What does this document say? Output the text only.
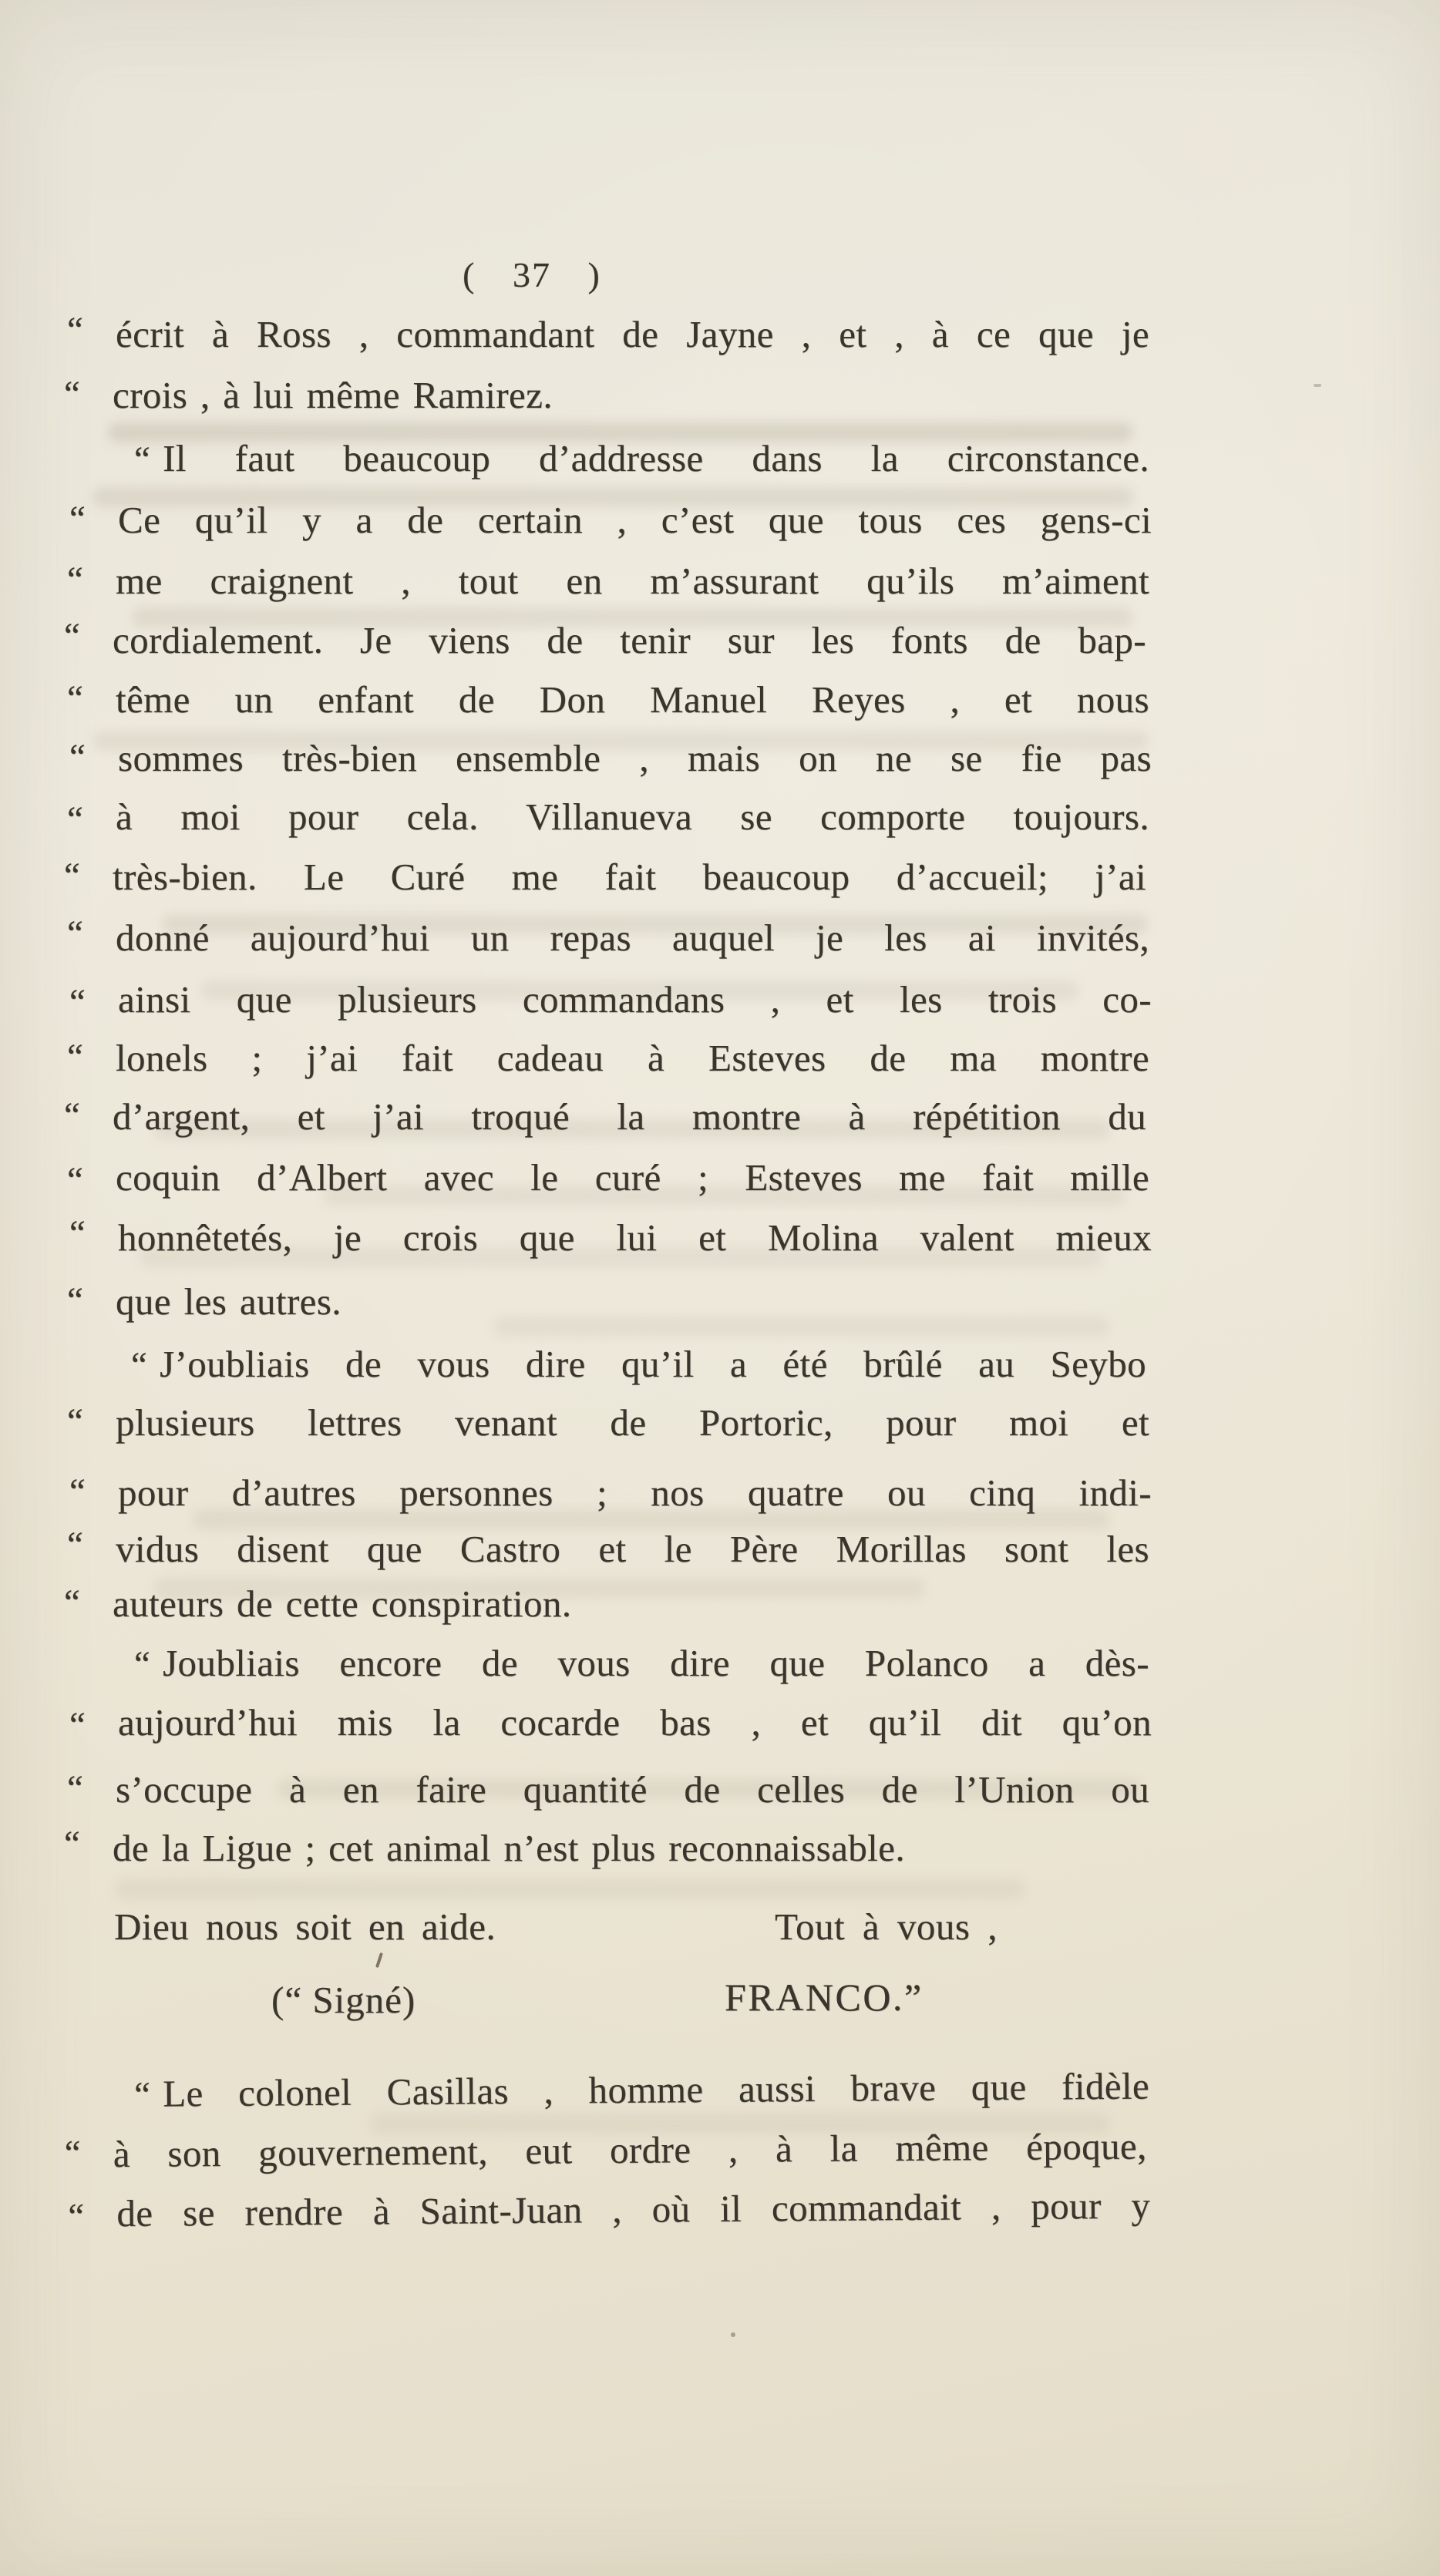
( 37 )
“ écrit à Ross , commandant de Jayne , et , à ce que je
“ crois , à lui même Ramirez.
“ Il faut beaucoup d’addresse dans la circonstance.
“ Ce qu’il y a de certain , c’est que tous ces gens-ci
“ me craignent , tout en m’assurant qu’ils m’aiment
“ cordialement. Je viens de tenir sur les fonts de bap-
“ tême un enfant de Don Manuel Reyes , et nous
“ sommes très-bien ensemble , mais on ne se fie pas
“ à moi pour cela. Villanueva se comporte toujours.
“ très-bien. Le Curé me fait beaucoup d’accueil; j’ai
“ donné aujourd’hui un repas auquel je les ai invités,
“ ainsi que plusieurs commandans , et les trois co-
“ lonels ; j’ai fait cadeau à Esteves de ma montre
“ d’argent, et j’ai troqué la montre à répétition du
“ coquin d’Albert avec le curé ; Esteves me fait mille
“ honnêtetés, je crois que lui et Molina valent mieux
“ que les autres.
“ J’oubliais de vous dire qu’il a été brûlé au Seybo
“ plusieurs lettres venant de Portoric, pour moi et
“ pour d’autres personnes ; nos quatre ou cinq indi-
“ vidus disent que Castro et le Père Morillas sont les
“ auteurs de cette conspiration.
“ Joubliais encore de vous dire que Polanco a dès-
“ aujourd’hui mis la cocarde bas , et qu’il dit qu’on
“ s’occupe à en faire quantité de celles de l’Union ou
“ de la Ligue ; cet animal n’est plus reconnaissable.
Dieu nous soit en aide.	Tout à vous ,
(“ Signé)	FRANCO.”
“ Le colonel Casillas , homme aussi brave que fidèle
“ à son gouvernement, eut ordre , à la même époque,
“ de se rendre à Saint-Juan , où il commandait , pour y
